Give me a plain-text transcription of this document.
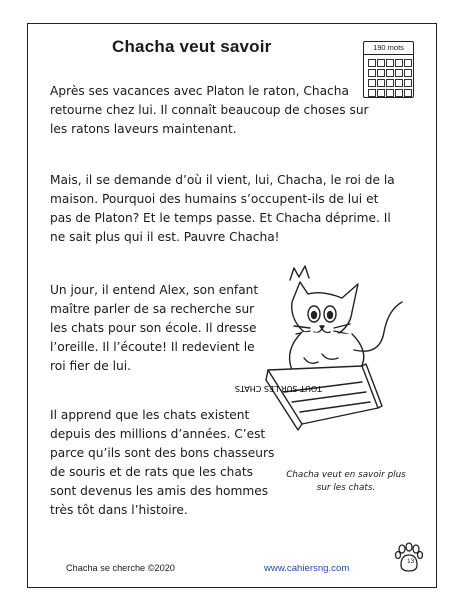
Chacha veut savoir	190 mots
Après ses vacances avec Platon le raton, Chacha retourne chez lui. Il connaît beaucoup de choses sur les ratons laveurs maintenant.
Mais, il se demande d’où il vient, lui, Chacha, le roi de la maison. Pourquoi des humains s’occupent-ils de lui et pas de Platon? Et le temps passe. Et Chacha déprime. Il ne sait plus qui il est. Pauvre Chacha!
Un jour, il entend Alex, son enfant maître parler de sa recherche sur les chats pour son école. Il dresse l’oreille. Il l’écoute! Il redevient le roi fier de lui.
Il apprend que les chats existent depuis des millions d’années. C’est parce qu’ils sont des bons chasseurs de souris et de rats que les chats sont devenus les amis des hommes très tôt dans l’histoire.
TOUT SUR LES CHATS
Chacha veut en savoir plus sur les chats.
Chacha se cherche ©2020	www.cahiersng.com
13
